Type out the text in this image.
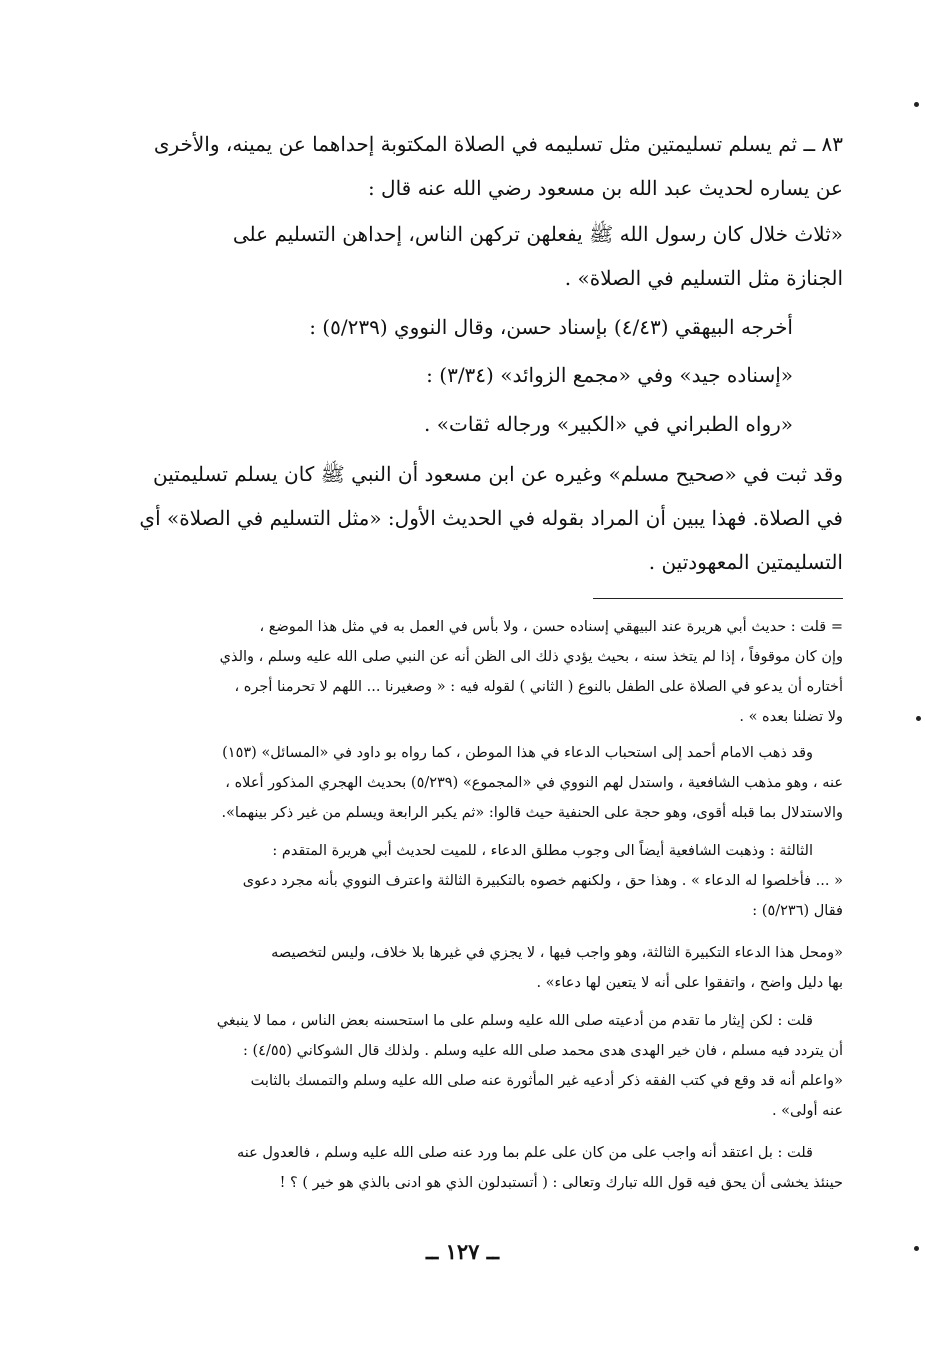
٨٣ ــ ثم يسلم تسليمتين مثل تسليمه في الصلاة المكتوبة إحداهما عن يمينه، والأخرى
عن يساره لحديث عبد الله بن مسعود رضي الله عنه قال :
«ثلاث خلال كان رسول الله ﷺ يفعلهن تركهن الناس، إحداهن التسليم على
الجنازة مثل التسليم في الصلاة» .
أخرجه البيهقي (٤/٤٣) بإسناد حسن، وقال النووي (٥/٢٣٩) :
«إسناده جيد» وفي «مجمع الزوائد» (٣/٣٤) :
«رواه الطبراني في «الكبير» ورجاله ثقات» .
وقد ثبت في «صحيح مسلم» وغيره عن ابن مسعود أن النبي ﷺ كان يسلم تسليمتين
في الصلاة. فهذا يبين أن المراد بقوله في الحديث الأول: «مثل التسليم في الصلاة» أي
التسليمتين المعهودتين .
= قلت : حديث أبي هريرة عند البيهقي إسناده حسن ، ولا بأس في العمل به في مثل هذا الموضع ،
وإن كان موقوفاً ، إذا لم يتخذ سنه ، بحيث يؤدي ذلك الى الظن أنه عن النبي صلى الله عليه وسلم ، والذي
أختاره أن يدعو في الصلاة على الطفل بالنوع ( الثاني ) لقوله فيه : « وصغيرنا ... اللهم لا تحرمنا أجره ،
ولا تضلنا بعده » .
وقد ذهب الامام أحمد إلى استحباب الدعاء في هذا الموطن ، كما رواه بو داود في «المسائل» (١٥٣)
عنه ، وهو مذهب الشافعية ، واستدل لهم النووي في «المجموع» (٥/٢٣٩) بحديث الهجري المذكور أعلاه ،
والاستدلال بما قبله أقوى، وهو حجة على الحنفية حيث قالوا: «ثم يكبر الرابعة ويسلم من غير ذكر بينهما».
الثالثة : وذهبت الشافعية أيضاً الى وجوب مطلق الدعاء ، للميت لحديث أبي هريرة المتقدم :
« ... فأخلصوا له الدعاء » . وهذا حق ، ولكنهم خصوه بالتكبيرة الثالثة واعترف النووي بأنه مجرد دعوى
فقال (٥/٢٣٦) :
«ومحل هذا الدعاء التكبيرة الثالثة، وهو واجب فيها ، لا يجزي في غيرها بلا خلاف، وليس لتخصيصه
بها دليل واضح ، واتفقوا على أنه لا يتعين لها دعاء» .
قلت : لكن إيثار ما تقدم من أدعيته صلى الله عليه وسلم على ما استحسنه بعض الناس ، مما لا ينبغي
أن يتردد فيه مسلم ، فان خير الهدى هدى محمد صلى الله عليه وسلم . ولذلك قال الشوكاني (٤/٥٥) :
«واعلم أنه قد وقع في كتب الفقه ذكر أدعيه غير المأثورة عنه صلى الله عليه وسلم والتمسك بالثابت
عنه أولى» .
قلت : بل اعتقد أنه واجب على من كان على علم بما ورد عنه صلى الله عليه وسلم ، فالعدول عنه
حينئذ يخشى أن يحق فيه قول الله تبارك وتعالى : ( أتستبدلون الذي هو ادنى بالذي هو خير ) ؟ !
ــ ١٢٧ ــ
